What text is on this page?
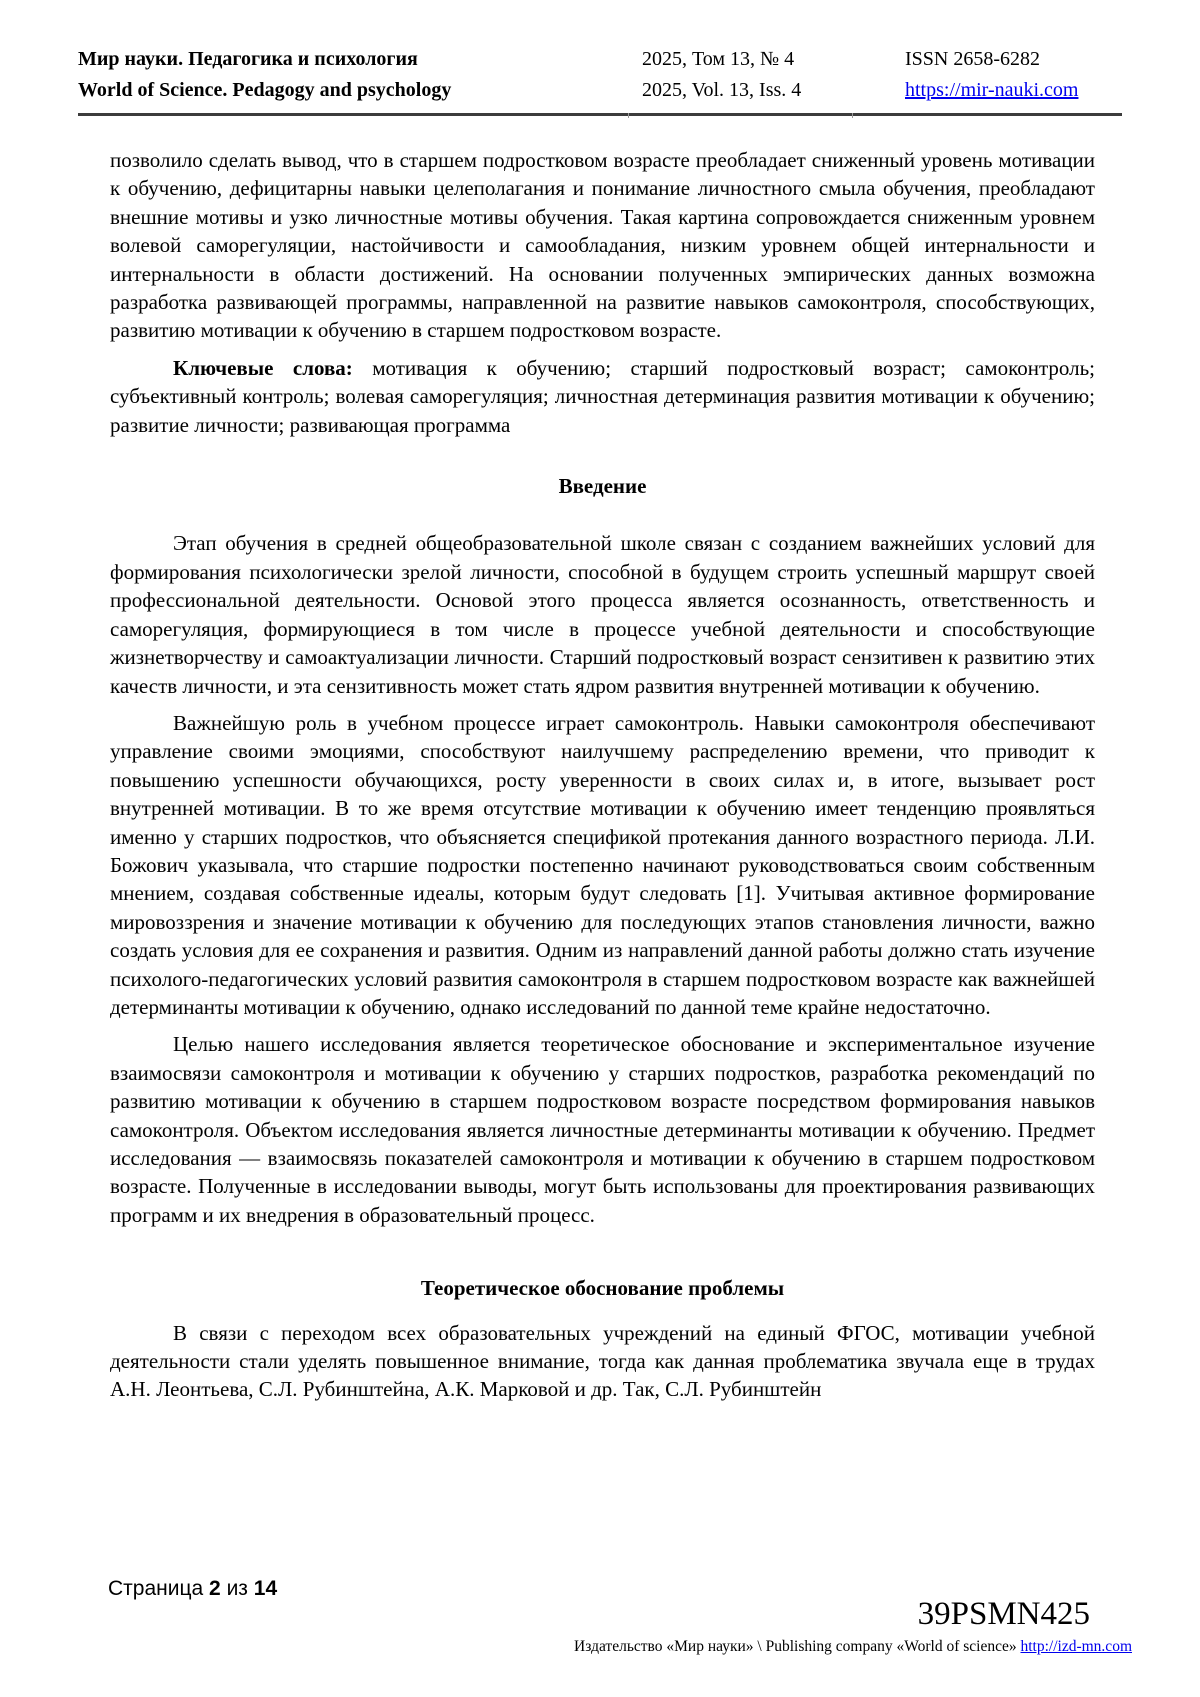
Мир науки. Педагогика и психология
World of Science. Pedagogy and psychology
2025, Том 13, № 4
2025, Vol. 13, Iss. 4
ISSN 2658-6282
https://mir-nauki.com

позволило сделать вывод, что в старшем подростковом возрасте преобладает сниженный уровень мотивации к обучению, дефицитарны навыки целеполагания и понимание личностного смыла обучения, преобладают внешние мотивы и узко личностные мотивы обучения. Такая картина сопровождается сниженным уровнем волевой саморегуляции, настойчивости и самообладания, низким уровнем общей интернальности и интернальности в области достижений. На основании полученных эмпирических данных возможна разработка развивающей программы, направленной на развитие навыков самоконтроля, способствующих, развитию мотивации к обучению в старшем подростковом возрасте.

Ключевые слова: мотивация к обучению; старший подростковый возраст; самоконтроль; субъективный контроль; волевая саморегуляция; личностная детерминация развития мотивации к обучению; развитие личности; развивающая программа

Введение

Этап обучения в средней общеобразовательной школе связан с созданием важнейших условий для формирования психологически зрелой личности, способной в будущем строить успешный маршрут своей профессиональной деятельности. Основой этого процесса является осознанность, ответственность и саморегуляция, формирующиеся в том числе в процессе учебной деятельности и способствующие жизнетворчеству и самоактуализации личности. Старший подростковый возраст сензитивен к развитию этих качеств личности, и эта сензитивность может стать ядром развития внутренней мотивации к обучению.

Важнейшую роль в учебном процессе играет самоконтроль. Навыки самоконтроля обеспечивают управление своими эмоциями, способствуют наилучшему распределению времени, что приводит к повышению успешности обучающихся, росту уверенности в своих силах и, в итоге, вызывает рост внутренней мотивации. В то же время отсутствие мотивации к обучению имеет тенденцию проявляться именно у старших подростков, что объясняется спецификой протекания данного возрастного периода. Л.И. Божович указывала, что старшие подростки постепенно начинают руководствоваться своим собственным мнением, создавая собственные идеалы, которым будут следовать [1]. Учитывая активное формирование мировоззрения и значение мотивации к обучению для последующих этапов становления личности, важно создать условия для ее сохранения и развития. Одним из направлений данной работы должно стать изучение психолого-педагогических условий развития самоконтроля в старшем подростковом возрасте как важнейшей детерминанты мотивации к обучению, однако исследований по данной теме крайне недостаточно.

Целью нашего исследования является теоретическое обоснование и экспериментальное изучение взаимосвязи самоконтроля и мотивации к обучению у старших подростков, разработка рекомендаций по развитию мотивации к обучению в старшем подростковом возрасте посредством формирования навыков самоконтроля. Объектом исследования является личностные детерминанты мотивации к обучению. Предмет исследования — взаимосвязь показателей самоконтроля и мотивации к обучению в старшем подростковом возрасте. Полученные в исследовании выводы, могут быть использованы для проектирования развивающих программ и их внедрения в образовательный процесс.

Теоретическое обоснование проблемы

В связи с переходом всех образовательных учреждений на единый ФГОС, мотивации учебной деятельности стали уделять повышенное внимание, тогда как данная проблематика звучала еще в трудах А.Н. Леонтьева, С.Л. Рубинштейна, А.К. Марковой и др. Так, С.Л. Рубинштейн

Страница 2 из 14
39PSMN425
Издательство «Мир науки» \ Publishing company «World of science» http://izd-mn.com
